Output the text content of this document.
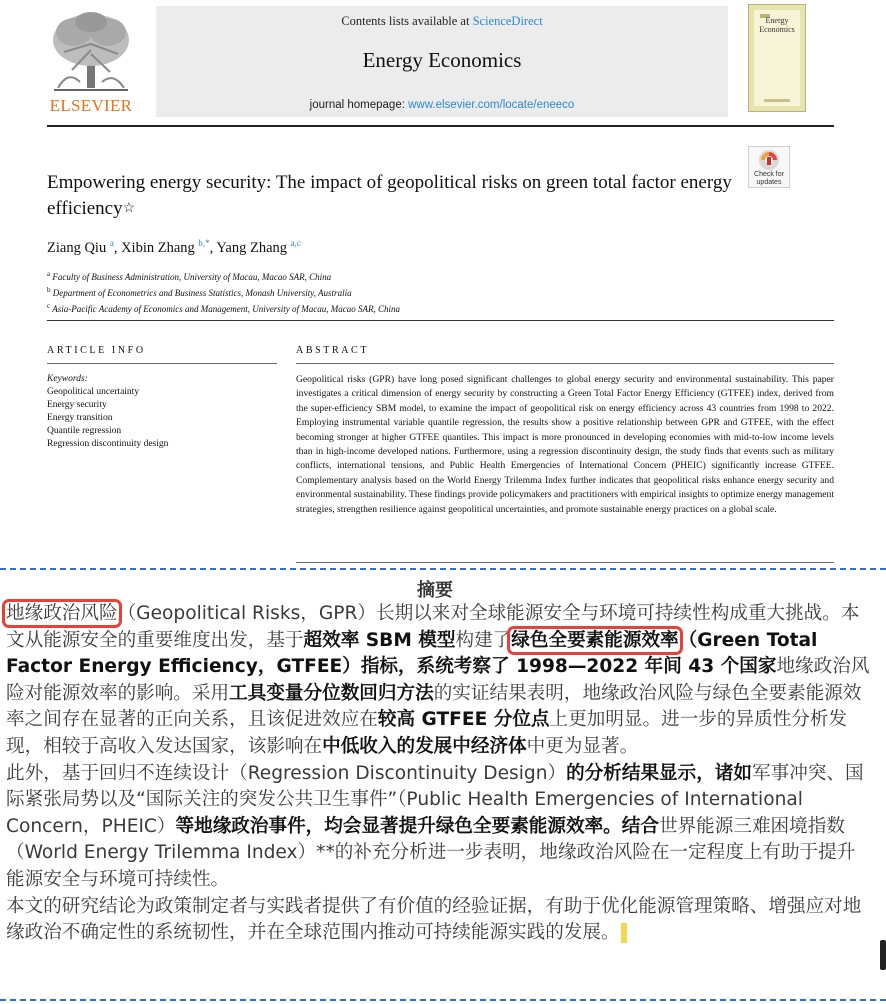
ELSEVIER
Contents lists available at ScienceDirect
Energy Economics
journal homepage: www.elsevier.com/locate/eneeco
Energy Economics
Empowering energy security: The impact of geopolitical risks on green total factor energy efficiency☆
Check for updates
Ziang Qiu $^a$, Xibin Zhang $^{b,*}$, Yang Zhang $^{a,c}$
$^a$ Faculty of Business Administration, University of Macau, Macao SAR, China
$^b$ Department of Econometrics and Business Statistics, Monash University, Australia
$^c$ Asia-Pacific Academy of Economics and Management, University of Macau, Macao SAR, China
ARTICLE INFO	ABSTRACT
Keywords:
Geopolitical uncertainty
Energy security
Energy transition
Quantile regression
Regression discontinuity design
Geopolitical risks (GPR) have long posed significant challenges to global energy security and environmental sustainability. This paper investigates a critical dimension of energy security by constructing a Green Total Factor Energy Efficiency (GTFEE) index, derived from the super-efficiency SBM model, to examine the impact of geopolitical risk on energy efficiency across 43 countries from 1998 to 2022. Employing instrumental variable quantile regression, the results show a positive relationship between GPR and GTFEE, with the effect becoming stronger at higher GTFEE quantiles. This impact is more pronounced in developing economies with mid-to-low income levels than in high-income developed nations. Furthermore, using a regression discontinuity design, the study finds that events such as military conflicts, international tensions, and Public Health Emergencies of International Concern (PHEIC) significantly increase GTFEE. Complementary analysis based on the World Energy Trilemma Index further indicates that geopolitical risks enhance energy security and environmental sustainability. These findings provide policymakers and practitioners with empirical insights to optimize energy management strategies, strengthen resilience against geopolitical uncertainties, and promote sustainable energy practices on a global scale.
摘要

地缘政治风险（Geopolitical Risks，GPR）长期以来对全球能源安全与环境可持续性构成重大挑战。本文从能源安全的重要维度出发，基于超效率 SBM 模型构建了绿色全要素能源效率（Green Total Factor Energy Efficiency，GTFEE）指标，系统考察了 1998—2022 年间 43 个国家地缘政治风险对能源效率的影响。采用工具变量分位数回归方法的实证结果表明，地缘政治风险与绿色全要素能源效率之间存在显著的正向关系，且该促进效应在较高 GTFEE 分位点上更加明显。进一步的异质性分析发现，相较于高收入发达国家，该影响在中低收入的发展中经济体中更为显著。

此外，基于回归不连续设计（Regression Discontinuity Design）的分析结果显示，诸如军事冲突、国际紧张局势以及“国际关注的突发公共卫生事件”（Public Health Emergencies of International Concern，PHEIC）等地缘政治事件，均会显著提升绿色全要素能源效率。结合世界能源三难困境指数（World Energy Trilemma Index）**的补充分析进一步表明，地缘政治风险在一定程度上有助于提升能源安全与环境可持续性。

本文的研究结论为政策制定者与实践者提供了有价值的经验证据，有助于优化能源管理策略、增强应对地缘政治不确定性的系统韧性，并在全球范围内推动可持续能源实践的发展。
